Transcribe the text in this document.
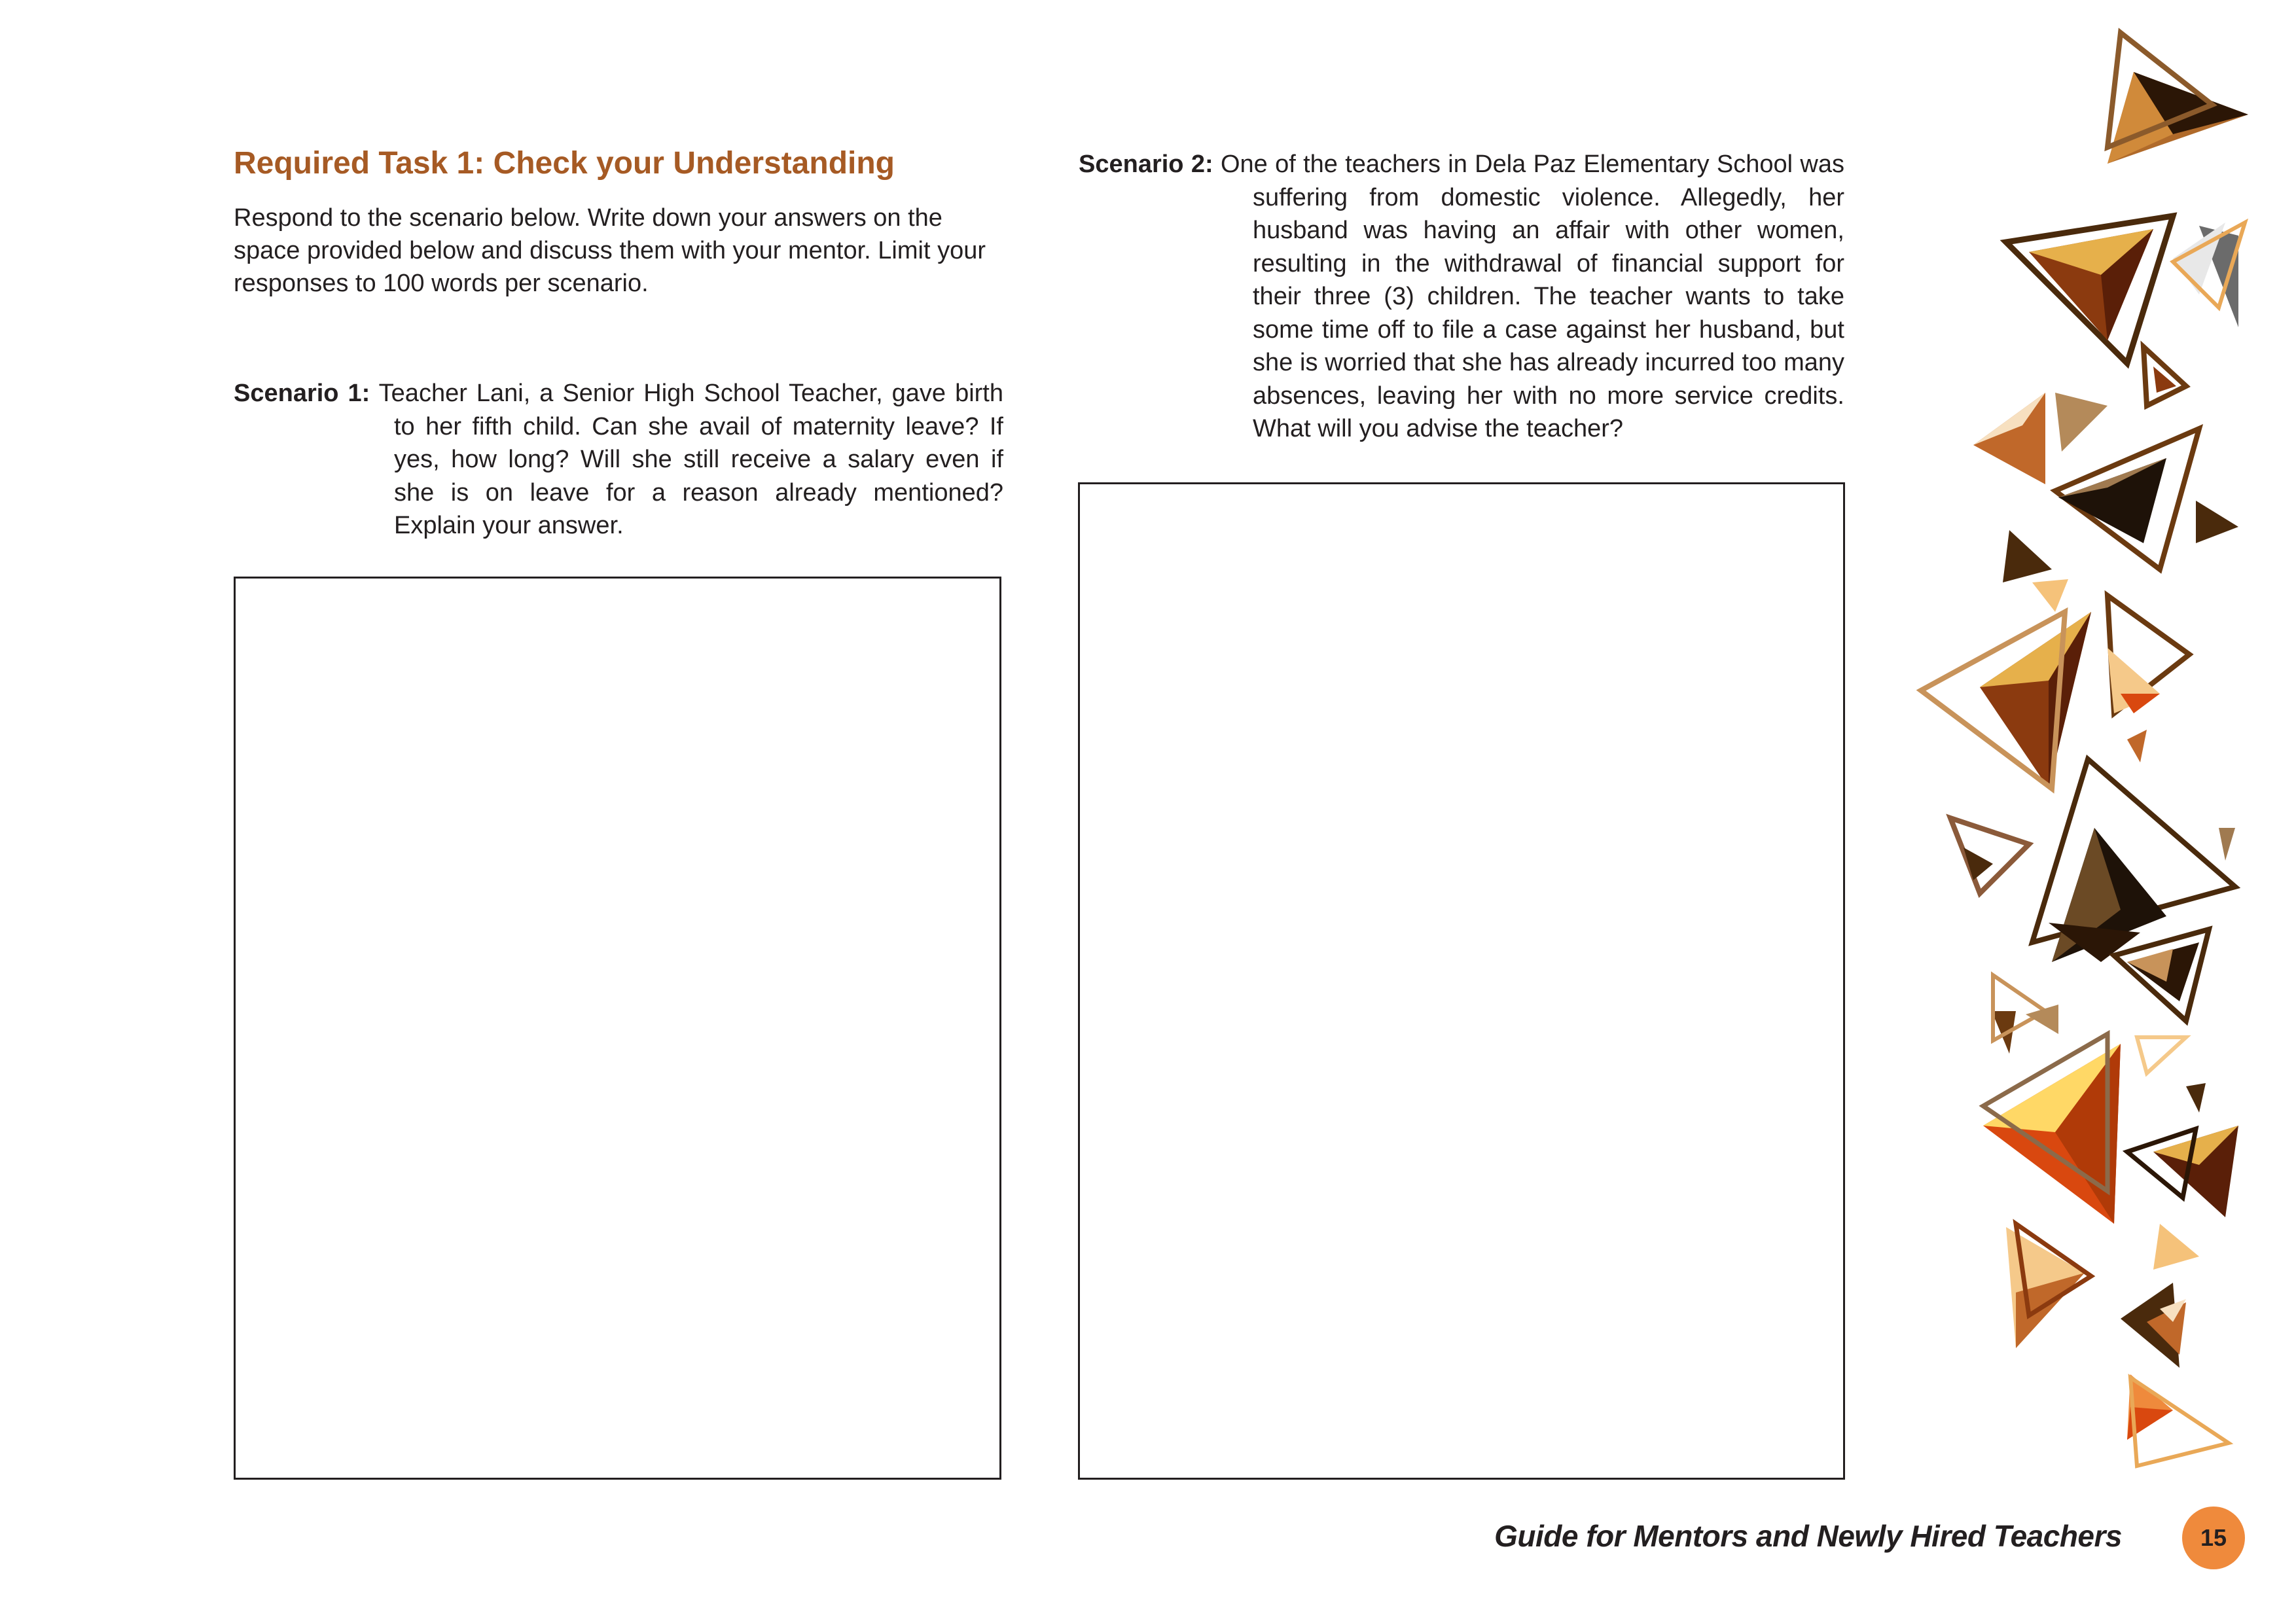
Required Task 1: Check your Understanding
Respond to the scenario below. Write down your answers on the space provided below and discuss them with your mentor. Limit your responses to 100 words per scenario.
Scenario 1: Teacher Lani, a Senior High School Teacher, gave birth to her fifth child. Can she avail of maternity leave? If yes, how long? Will she still receive a salary even if she is on leave for a reason already mentioned? Explain your answer.
Scenario 2: One of the teachers in Dela Paz Elementary School was suffering from domestic violence. Allegedly, her husband was having an affair with other women, resulting in the withdrawal of financial support for their three (3) children. The teacher wants to take some time off to file a case against her husband, but she is worried that she has already incurred too many absences, leaving her with no more service credits. What will you advise the teacher?
Guide for Mentors and Newly Hired Teachers	15
